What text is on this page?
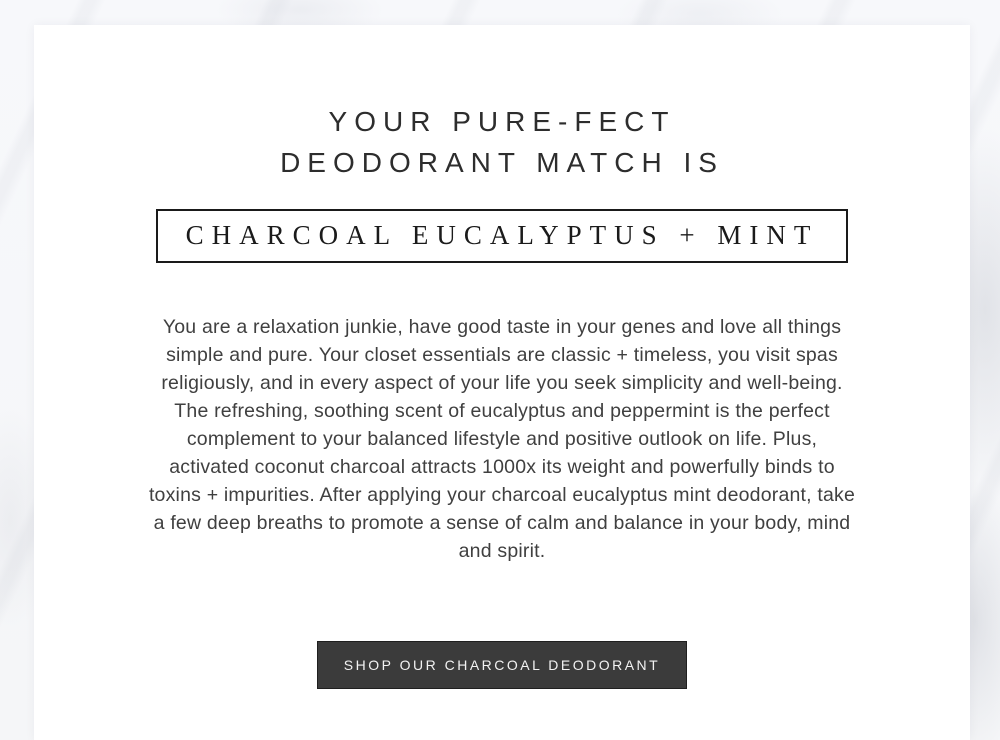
YOUR PURE-FECT
DEODORANT MATCH IS
CHARCOAL EUCALYPTUS + MINT

You are a relaxation junkie, have good taste in your genes and love all things simple and pure. Your closet essentials are classic + timeless, you visit spas religiously, and in every aspect of your life you seek simplicity and well-being. The refreshing, soothing scent of eucalyptus and peppermint is the perfect complement to your balanced lifestyle and positive outlook on life. Plus, activated coconut charcoal attracts 1000x its weight and powerfully binds to toxins + impurities. After applying your charcoal eucalyptus mint deodorant, take a few deep breaths to promote a sense of calm and balance in your body, mind and spirit.

SHOP OUR CHARCOAL DEODORANT
